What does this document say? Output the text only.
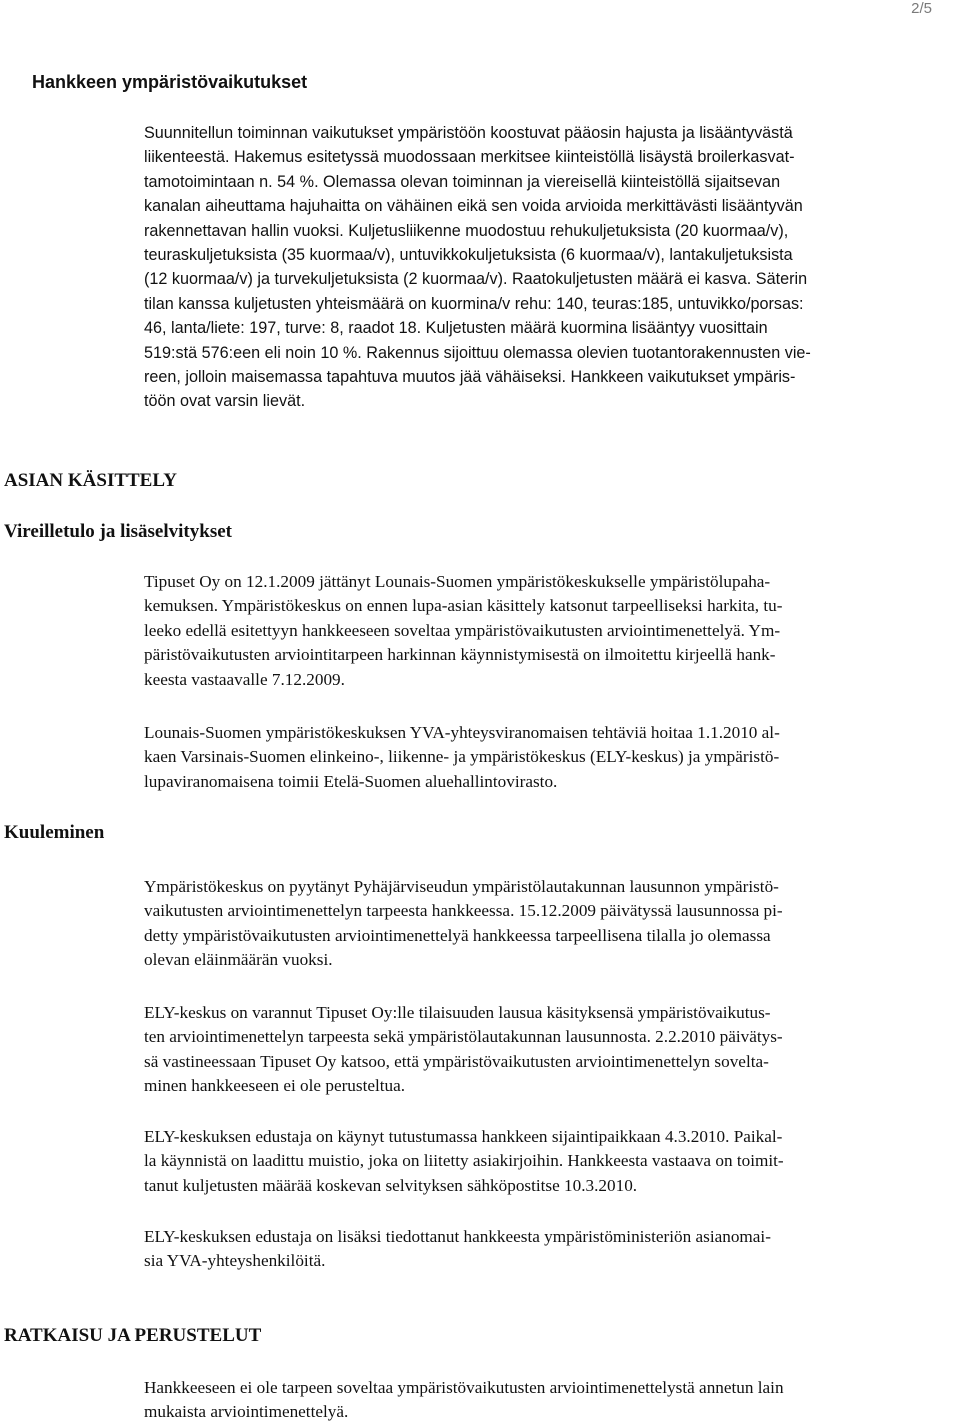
2/5

Hankkeen ympäristövaikutukset

Suunnitellun toiminnan vaikutukset ympäristöön koostuvat pääosin hajusta ja lisääntyvästä
liikenteestä. Hakemus esitetyssä muodossaan merkitsee kiinteistöllä lisäystä broilerkasvat-
tamotoimintaan n. 54 %. Olemassa olevan toiminnan ja viereisellä kiinteistöllä sijaitsevan
kanalan aiheuttama hajuhaitta on vähäinen eikä sen voida arvioida merkittävästi lisääntyvän
rakennettavan hallin vuoksi. Kuljetusliikenne muodostuu rehukuljetuksista (20 kuormaa/v),
teuraskuljetuksista (35 kuormaa/v), untuvikkokuljetuksista (6 kuormaa/v), lantakuljetuksista
(12 kuormaa/v) ja turvekuljetuksista (2 kuormaa/v). Raatokuljetusten määrä ei kasva. Säterin
tilan kanssa kuljetusten yhteismäärä on kuormina/v rehu: 140, teuras:185, untuvikko/porsas:
46, lanta/liete: 197, turve: 8, raadot 18. Kuljetusten määrä kuormina lisääntyy vuosittain
519:stä 576:een eli noin 10 %. Rakennus sijoittuu olemassa olevien tuotantorakennusten vie-
reen, jolloin maisemassa tapahtuva muutos jää vähäiseksi. Hankkeen vaikutukset ympäris-
töön ovat varsin lievät.

ASIAN KÄSITTELY
Vireilletulo ja lisäselvitykset

Tipuset Oy on 12.1.2009 jättänyt Lounais-Suomen ympäristökeskukselle ympäristölupaha-
kemuksen. Ympäristökeskus on ennen lupa-asian käsittely katsonut tarpeelliseksi harkita, tu-
leeko edellä esitettyyn hankkeeseen soveltaa ympäristövaikutusten arviointimenettelyä. Ym-
päristövaikutusten arviointitarpeen harkinnan käynnistymisestä on ilmoitettu kirjeellä hank-
keesta vastaavalle 7.12.2009.

Lounais-Suomen ympäristökeskuksen YVA-yhteysviranomaisen tehtäviä hoitaa 1.1.2010 al-
kaen Varsinais-Suomen elinkeino-, liikenne- ja ympäristökeskus (ELY-keskus) ja ympäristö-
lupaviranomaisena toimii Etelä-Suomen aluehallintovirasto.

Kuuleminen

Ympäristökeskus on pyytänyt Pyhäjärviseudun ympäristölautakunnan lausunnon ympäristö-
vaikutusten arviointimenettelyn tarpeesta hankkeessa. 15.12.2009 päivätyssä lausunnossa pi-
detty ympäristövaikutusten arviointimenettelyä hankkeessa tarpeellisena tilalla jo olemassa
olevan eläinmäärän vuoksi.

ELY-keskus on varannut Tipuset Oy:lle tilaisuuden lausua käsityksensä ympäristövaikutus-
ten arviointimenettelyn tarpeesta sekä ympäristölautakunnan lausunnosta. 2.2.2010 päivätys-
sä vastineessaan Tipuset Oy katsoo, että ympäristövaikutusten arviointimenettelyn soveltа-
minen hankkeeseen ei ole perusteltua.

ELY-keskuksen edustaja on käynyt tutustumassa hankkeen sijaintipaikkaan 4.3.2010. Paikal-
la käynnistä on laadittu muistio, joka on liitetty asiakirjoihin. Hankkeesta vastaava on toimit-
tanut kuljetusten määrää koskevan selvityksen sähköpostitse 10.3.2010.

ELY-keskuksen edustaja on lisäksi tiedottanut hankkeesta ympäristöministeriön asianomai-
sia YVA-yhteyshenkilöitä.

RATKAISU JA PERUSTELUT

Hankkeeseen ei ole tarpeen soveltaa ympäristövaikutusten arviointimenettelystä annetun lain
mukaista arviointimenettelyä.
